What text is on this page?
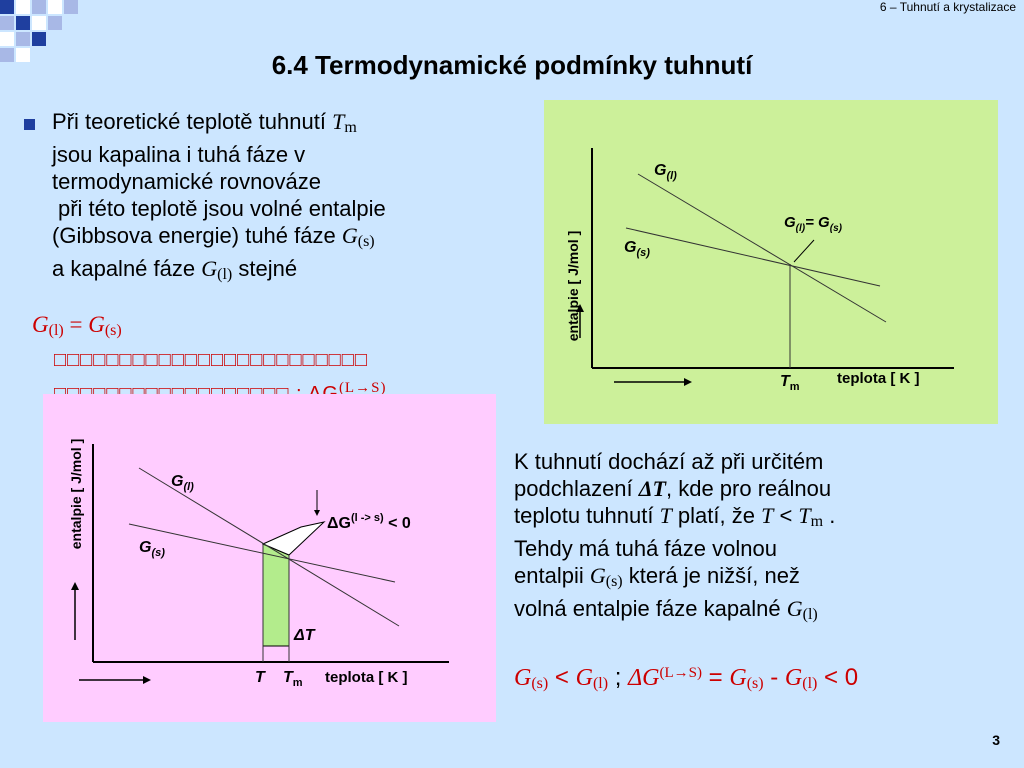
6 – Tuhnutí a krystalizace
6.4 Termodynamické podmínky tuhnutí
Při teoretické teplotě tuhnutí Tm
jsou kapalina i tuhá fáze v
termodynamické rovnováze
při této teplotě jsou volné entalpie
(Gibbsova energie) tuhé fáze G(s)
a kapalné fáze G(l) stejné
G(l) = G(s)
□□□□□□□□□□□□□□□□□□□□□□□□
□□□□□□□□□□□□□□□□□□ ; $\Delta G^{(L\to S)}$
entalpie [ J/mol ]
teplota [ K ]
$G_{(l)}$
$G_{(s)}$
$G_{(l)}= G_{(s)}$
$T_m$
entalpie [ J/mol ]
teplota [ K ]
$G_{(l)}$
$G_{(s)}$
$\Delta G^{(l -> s)} < 0$
ΔT
T $T_m$
K tuhnutí dochází až při určitém
podchlazení ΔT, kde pro reálnou
teplotu tuhnutí T platí, že T < Tm .
Tehdy má tuhá fáze volnou
entalpii G(s) která je nižší, než
volná entalpie fáze kapalné G(l)
G(s) < G(l) ; $\Delta G^{(L\to S)} = G(s) - G(l) < 0$
3
